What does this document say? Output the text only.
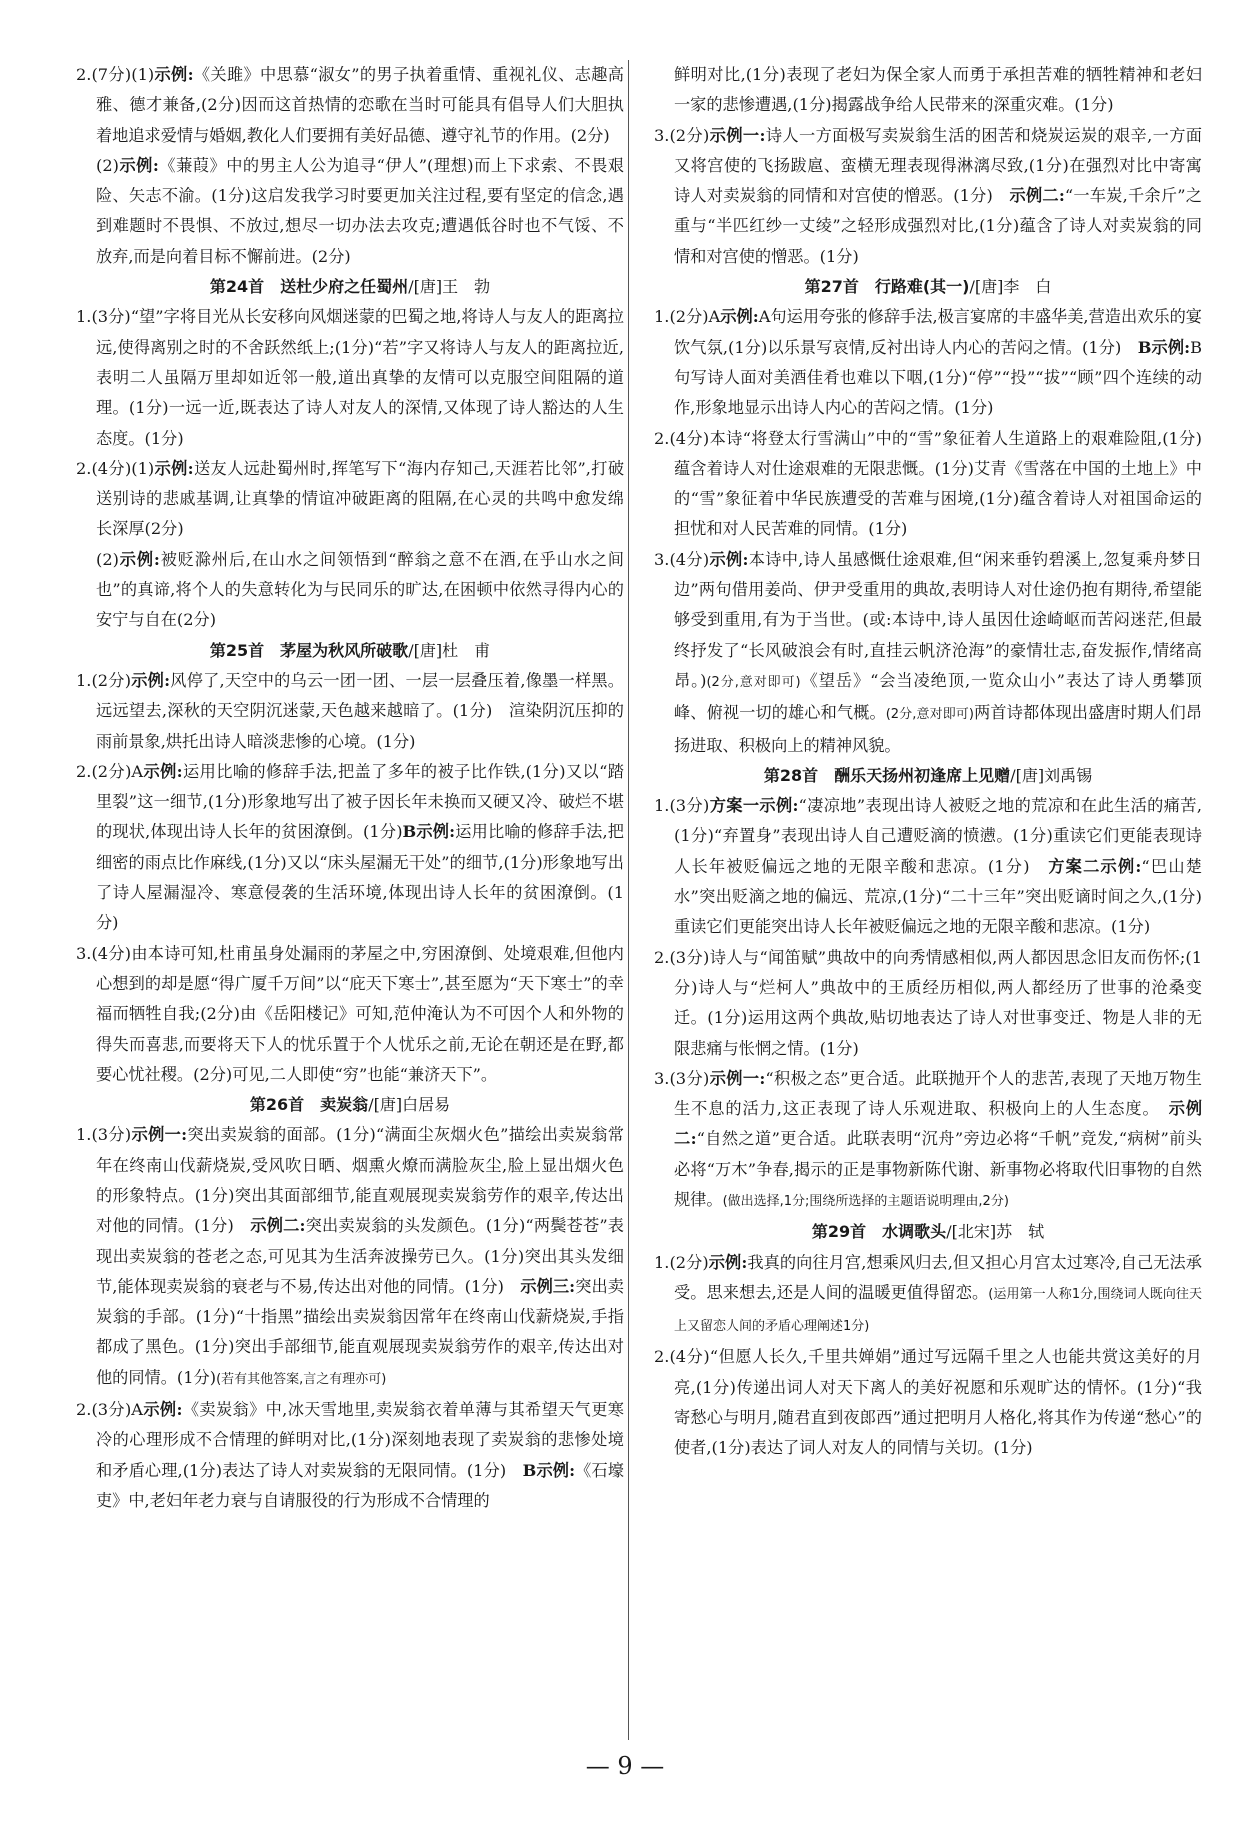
2.(7分)(1)示例:《关雎》中思慕“淑女”的男子执着重情、重视礼仪、志趣高雅、德才兼备,(2分)因而这首热情的恋歌在当时可能具有倡导人们大胆执着地追求爱情与婚姻,教化人们要拥有美好品德、遵守礼节的作用。(2分)

(2)示例:《蒹葭》中的男主人公为追寻“伊人”(理想)而上下求索、不畏艰险、矢志不渝。(1分)这启发我学习时要更加关注过程,要有坚定的信念,遇到难题时不畏惧、不放过,想尽一切办法去攻克;遭遇低谷时也不气馁、不放弃,而是向着目标不懈前进。(2分)

第24首　送杜少府之任蜀州/[唐]王　勃

1.(3分)“望”字将目光从长安移向风烟迷蒙的巴蜀之地,将诗人与友人的距离拉远,使得离别之时的不舍跃然纸上;(1分)“若”字又将诗人与友人的距离拉近,表明二人虽隔万里却如近邻一般,道出真挚的友情可以克服空间阻隔的道理。(1分)一远一近,既表达了诗人对友人的深情,又体现了诗人豁达的人生态度。(1分)

2.(4分)(1)示例:送友人远赴蜀州时,挥笔写下“海内存知己,天涯若比邻”,打破送别诗的悲戚基调,让真挚的情谊冲破距离的阻隔,在心灵的共鸣中愈发绵长深厚(2分)

(2)示例:被贬滁州后,在山水之间领悟到“醉翁之意不在酒,在乎山水之间也”的真谛,将个人的失意转化为与民同乐的旷达,在困顿中依然寻得内心的安宁与自在(2分)

第25首　茅屋为秋风所破歌/[唐]杜　甫

1.(2分)示例:风停了,天空中的乌云一团一团、一层一层叠压着,像墨一样黑。远远望去,深秋的天空阴沉迷蒙,天色越来越暗了。(1分)　渲染阴沉压抑的雨前景象,烘托出诗人暗淡悲惨的心境。(1分)

2.(2分)A示例:运用比喻的修辞手法,把盖了多年的被子比作铁,(1分)又以“踏里裂”这一细节,(1分)形象地写出了被子因长年未换而又硬又冷、破烂不堪的现状,体现出诗人长年的贫困潦倒。(1分)B示例:运用比喻的修辞手法,把细密的雨点比作麻线,(1分)又以“床头屋漏无干处”的细节,(1分)形象地写出了诗人屋漏湿冷、寒意侵袭的生活环境,体现出诗人长年的贫困潦倒。(1分)

3.(4分)由本诗可知,杜甫虽身处漏雨的茅屋之中,穷困潦倒、处境艰难,但他内心想到的却是愿“得广厦千万间”以“庇天下寒士”,甚至愿为“天下寒士”的幸福而牺牲自我;(2分)由《岳阳楼记》可知,范仲淹认为不可因个人和外物的得失而喜悲,而要将天下人的忧乐置于个人忧乐之前,无论在朝还是在野,都要心忧社稷。(2分)可见,二人即使“穷”也能“兼济天下”。

第26首　卖炭翁/[唐]白居易

1.(3分)示例一:突出卖炭翁的面部。(1分)“满面尘灰烟火色”描绘出卖炭翁常年在终南山伐薪烧炭,受风吹日晒、烟熏火燎而满脸灰尘,脸上显出烟火色的形象特点。(1分)突出其面部细节,能直观展现卖炭翁劳作的艰辛,传达出对他的同情。(1分)　示例二:突出卖炭翁的头发颜色。(1分)“两鬓苍苍”表现出卖炭翁的苍老之态,可见其为生活奔波操劳已久。(1分)突出其头发细节,能体现卖炭翁的衰老与不易,传达出对他的同情。(1分)　示例三:突出卖炭翁的手部。(1分)“十指黑”描绘出卖炭翁因常年在终南山伐薪烧炭,手指都成了黑色。(1分)突出手部细节,能直观展现卖炭翁劳作的艰辛,传达出对他的同情。(1分)(若有其他答案,言之有理亦可)

2.(3分)A示例:《卖炭翁》中,冰天雪地里,卖炭翁衣着单薄与其希望天气更寒冷的心理形成不合情理的鲜明对比,(1分)深刻地表现了卖炭翁的悲惨处境和矛盾心理,(1分)表达了诗人对卖炭翁的无限同情。(1分)　B示例:《石壕吏》中,老妇年老力衰与自请服役的行为形成不合情理的

鲜明对比,(1分)表现了老妇为保全家人而勇于承担苦难的牺牲精神和老妇一家的悲惨遭遇,(1分)揭露战争给人民带来的深重灾难。(1分)

3.(2分)示例一:诗人一方面极写卖炭翁生活的困苦和烧炭运炭的艰辛,一方面又将宫使的飞扬跋扈、蛮横无理表现得淋漓尽致,(1分)在强烈对比中寄寓诗人对卖炭翁的同情和对宫使的憎恶。(1分)　示例二:“一车炭,千余斤”之重与“半匹红纱一丈绫”之轻形成强烈对比,(1分)蕴含了诗人对卖炭翁的同情和对宫使的憎恶。(1分)

第27首　行路难(其一)/[唐]李　白

1.(2分)A示例:A句运用夸张的修辞手法,极言宴席的丰盛华美,营造出欢乐的宴饮气氛,(1分)以乐景写哀情,反衬出诗人内心的苦闷之情。(1分)　B示例:B句写诗人面对美酒佳肴也难以下咽,(1分)“停”“投”“拔”“顾”四个连续的动作,形象地显示出诗人内心的苦闷之情。(1分)

2.(4分)本诗“将登太行雪满山”中的“雪”象征着人生道路上的艰难险阻,(1分)蕴含着诗人对仕途艰难的无限悲慨。(1分)艾青《雪落在中国的土地上》中的“雪”象征着中华民族遭受的苦难与困境,(1分)蕴含着诗人对祖国命运的担忧和对人民苦难的同情。(1分)

3.(4分)示例:本诗中,诗人虽感慨仕途艰难,但“闲来垂钓碧溪上,忽复乘舟梦日边”两句借用姜尚、伊尹受重用的典故,表明诗人对仕途仍抱有期待,希望能够受到重用,有为于当世。(或:本诗中,诗人虽因仕途崎岖而苦闷迷茫,但最终抒发了“长风破浪会有时,直挂云帆济沧海”的豪情壮志,奋发振作,情绪高昂。)(2分,意对即可)《望岳》“会当凌绝顶,一览众山小”表达了诗人勇攀顶峰、俯视一切的雄心和气概。(2分,意对即可)两首诗都体现出盛唐时期人们昂扬进取、积极向上的精神风貌。

第28首　酬乐天扬州初逢席上见赠/[唐]刘禹锡

1.(3分)方案一示例:“凄凉地”表现出诗人被贬之地的荒凉和在此生活的痛苦,(1分)“弃置身”表现出诗人自己遭贬滴的愤懑。(1分)重读它们更能表现诗人长年被贬偏远之地的无限辛酸和悲凉。(1分)　方案二示例:“巴山楚水”突出贬滴之地的偏远、荒凉,(1分)“二十三年”突出贬谪时间之久,(1分)重读它们更能突出诗人长年被贬偏远之地的无限辛酸和悲凉。(1分)

2.(3分)诗人与“闻笛赋”典故中的向秀情感相似,两人都因思念旧友而伤怀;(1分)诗人与“烂柯人”典故中的王质经历相似,两人都经历了世事的沧桑变迁。(1分)运用这两个典故,贴切地表达了诗人对世事变迁、物是人非的无限悲痛与怅惘之情。(1分)

3.(3分)示例一:“积极之态”更合适。此联抛开个人的悲苦,表现了天地万物生生不息的活力,这正表现了诗人乐观进取、积极向上的人生态度。　示例二:“自然之道”更合适。此联表明“沉舟”旁边必将“千帆”竞发,“病树”前头必将“万木”争春,揭示的正是事物新陈代谢、新事物必将取代旧事物的自然规律。(做出选择,1分;围绕所选择的主题语说明理由,2分)

第29首　水调歌头/[北宋]苏　轼

1.(2分)示例:我真的向往月宫,想乘风归去,但又担心月宫太过寒冷,自己无法承受。思来想去,还是人间的温暖更值得留恋。(运用第一人称1分,围绕词人既向往天上又留恋人间的矛盾心理阐述1分)

2.(4分)“但愿人长久,千里共婵娟”通过写远隔千里之人也能共赏这美好的月亮,(1分)传递出词人对天下离人的美好祝愿和乐观旷达的情怀。(1分)“我寄愁心与明月,随君直到夜郎西”通过把明月人格化,将其作为传递“愁心”的使者,(1分)表达了词人对友人的同情与关切。(1分)

— 9 —
